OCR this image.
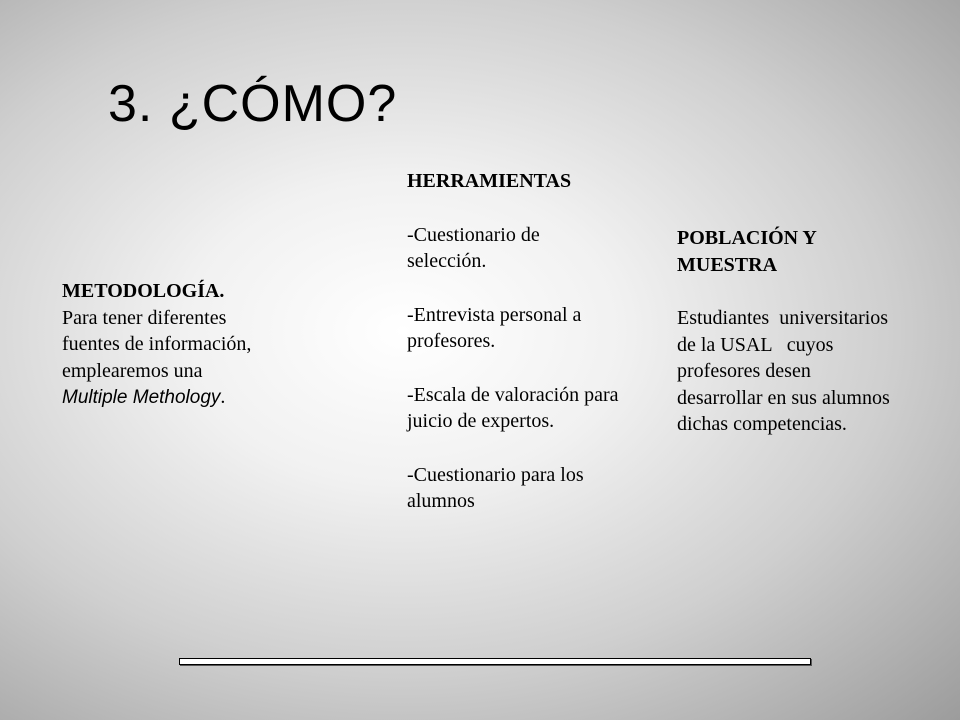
3. ¿CÓMO?

METODOLOGÍA.

Para tener diferentes

fuentes de información,

emplearemos una

Multiple Methology.

HERRAMIENTAS

-Cuestionario de

selección.

-Entrevista personal a

profesores.

-Escala de valoración para

juicio de expertos.

-Cuestionario para los

alumnos

POBLACIÓN Y

MUESTRA

Estudiantes  universitarios

de la USAL   cuyos

profesores desen

desarrollar en sus alumnos

dichas competencias.
